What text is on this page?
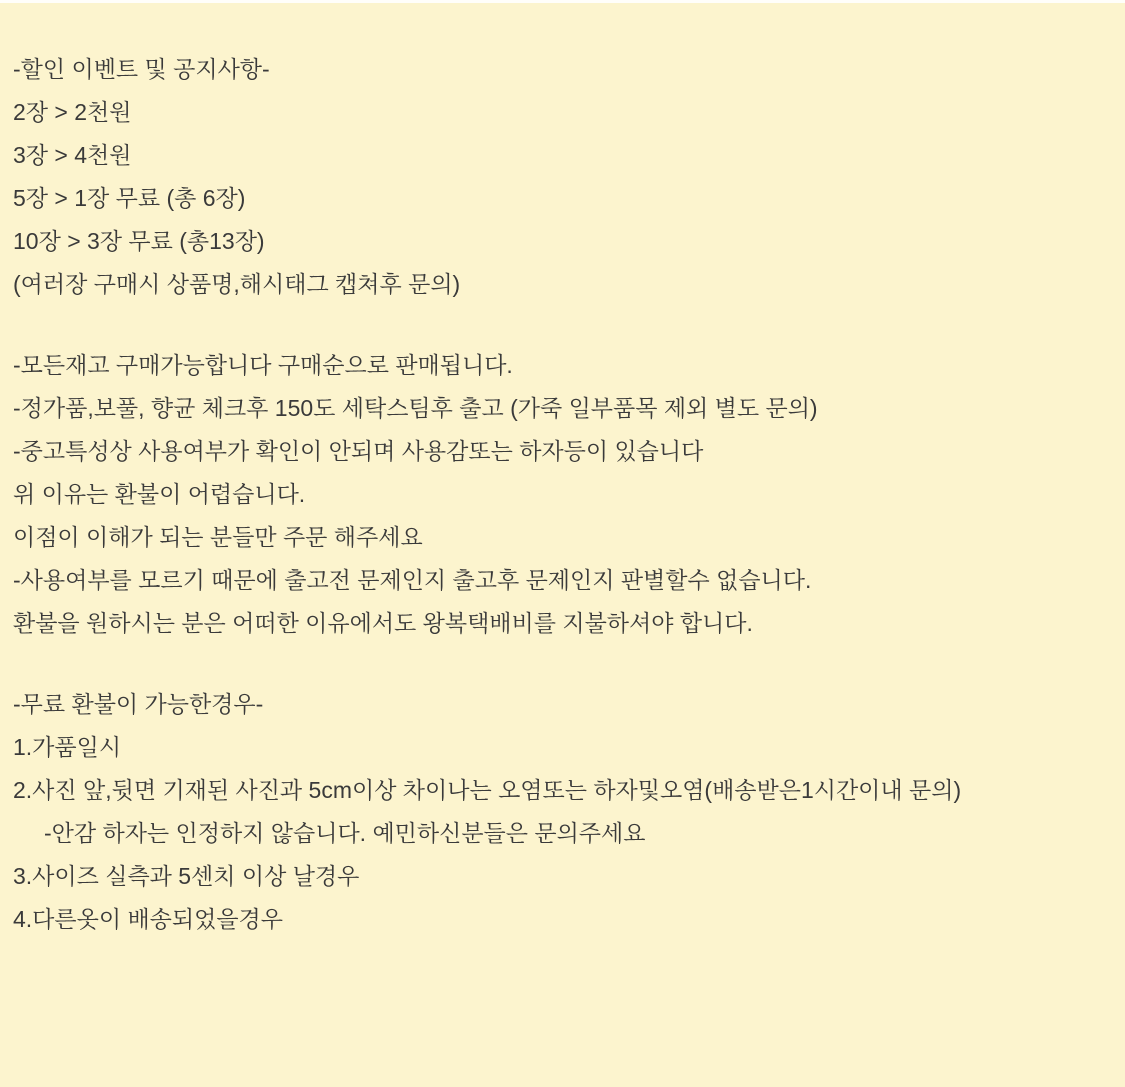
-할인 이벤트 및 공지사항-

2장 > 2천원

3장 > 4천원

5장 > 1장 무료 (총 6장)

10장 > 3장 무료 (총13장)

(여러장 구매시 상품명,해시태그 캡쳐후 문의)

-모든재고 구매가능합니다 구매순으로 판매됩니다.

-정가품,보풀, 향균 체크후 150도 세탁스팀후 출고 (가죽 일부품목 제외 별도 문의)

-중고특성상 사용여부가 확인이 안되며 사용감또는 하자등이 있습니다

위 이유는 환불이 어렵습니다.

이점이 이해가 되는 분들만 주문 해주세요

-사용여부를 모르기 때문에 출고전 문제인지 출고후 문제인지 판별할수 없습니다.

환불을 원하시는 분은 어떠한 이유에서도 왕복택배비를 지불하셔야 합니다.

-무료 환불이 가능한경우-

1.가품일시

2.사진 앞,뒷면 기재된 사진과 5cm이상 차이나는 오염또는 하자및오염(배송받은1시간이내 문의)

-안감 하자는 인정하지 않습니다. 예민하신분들은 문의주세요

3.사이즈 실측과 5센치 이상 날경우

4.다른옷이 배송되었을경우
